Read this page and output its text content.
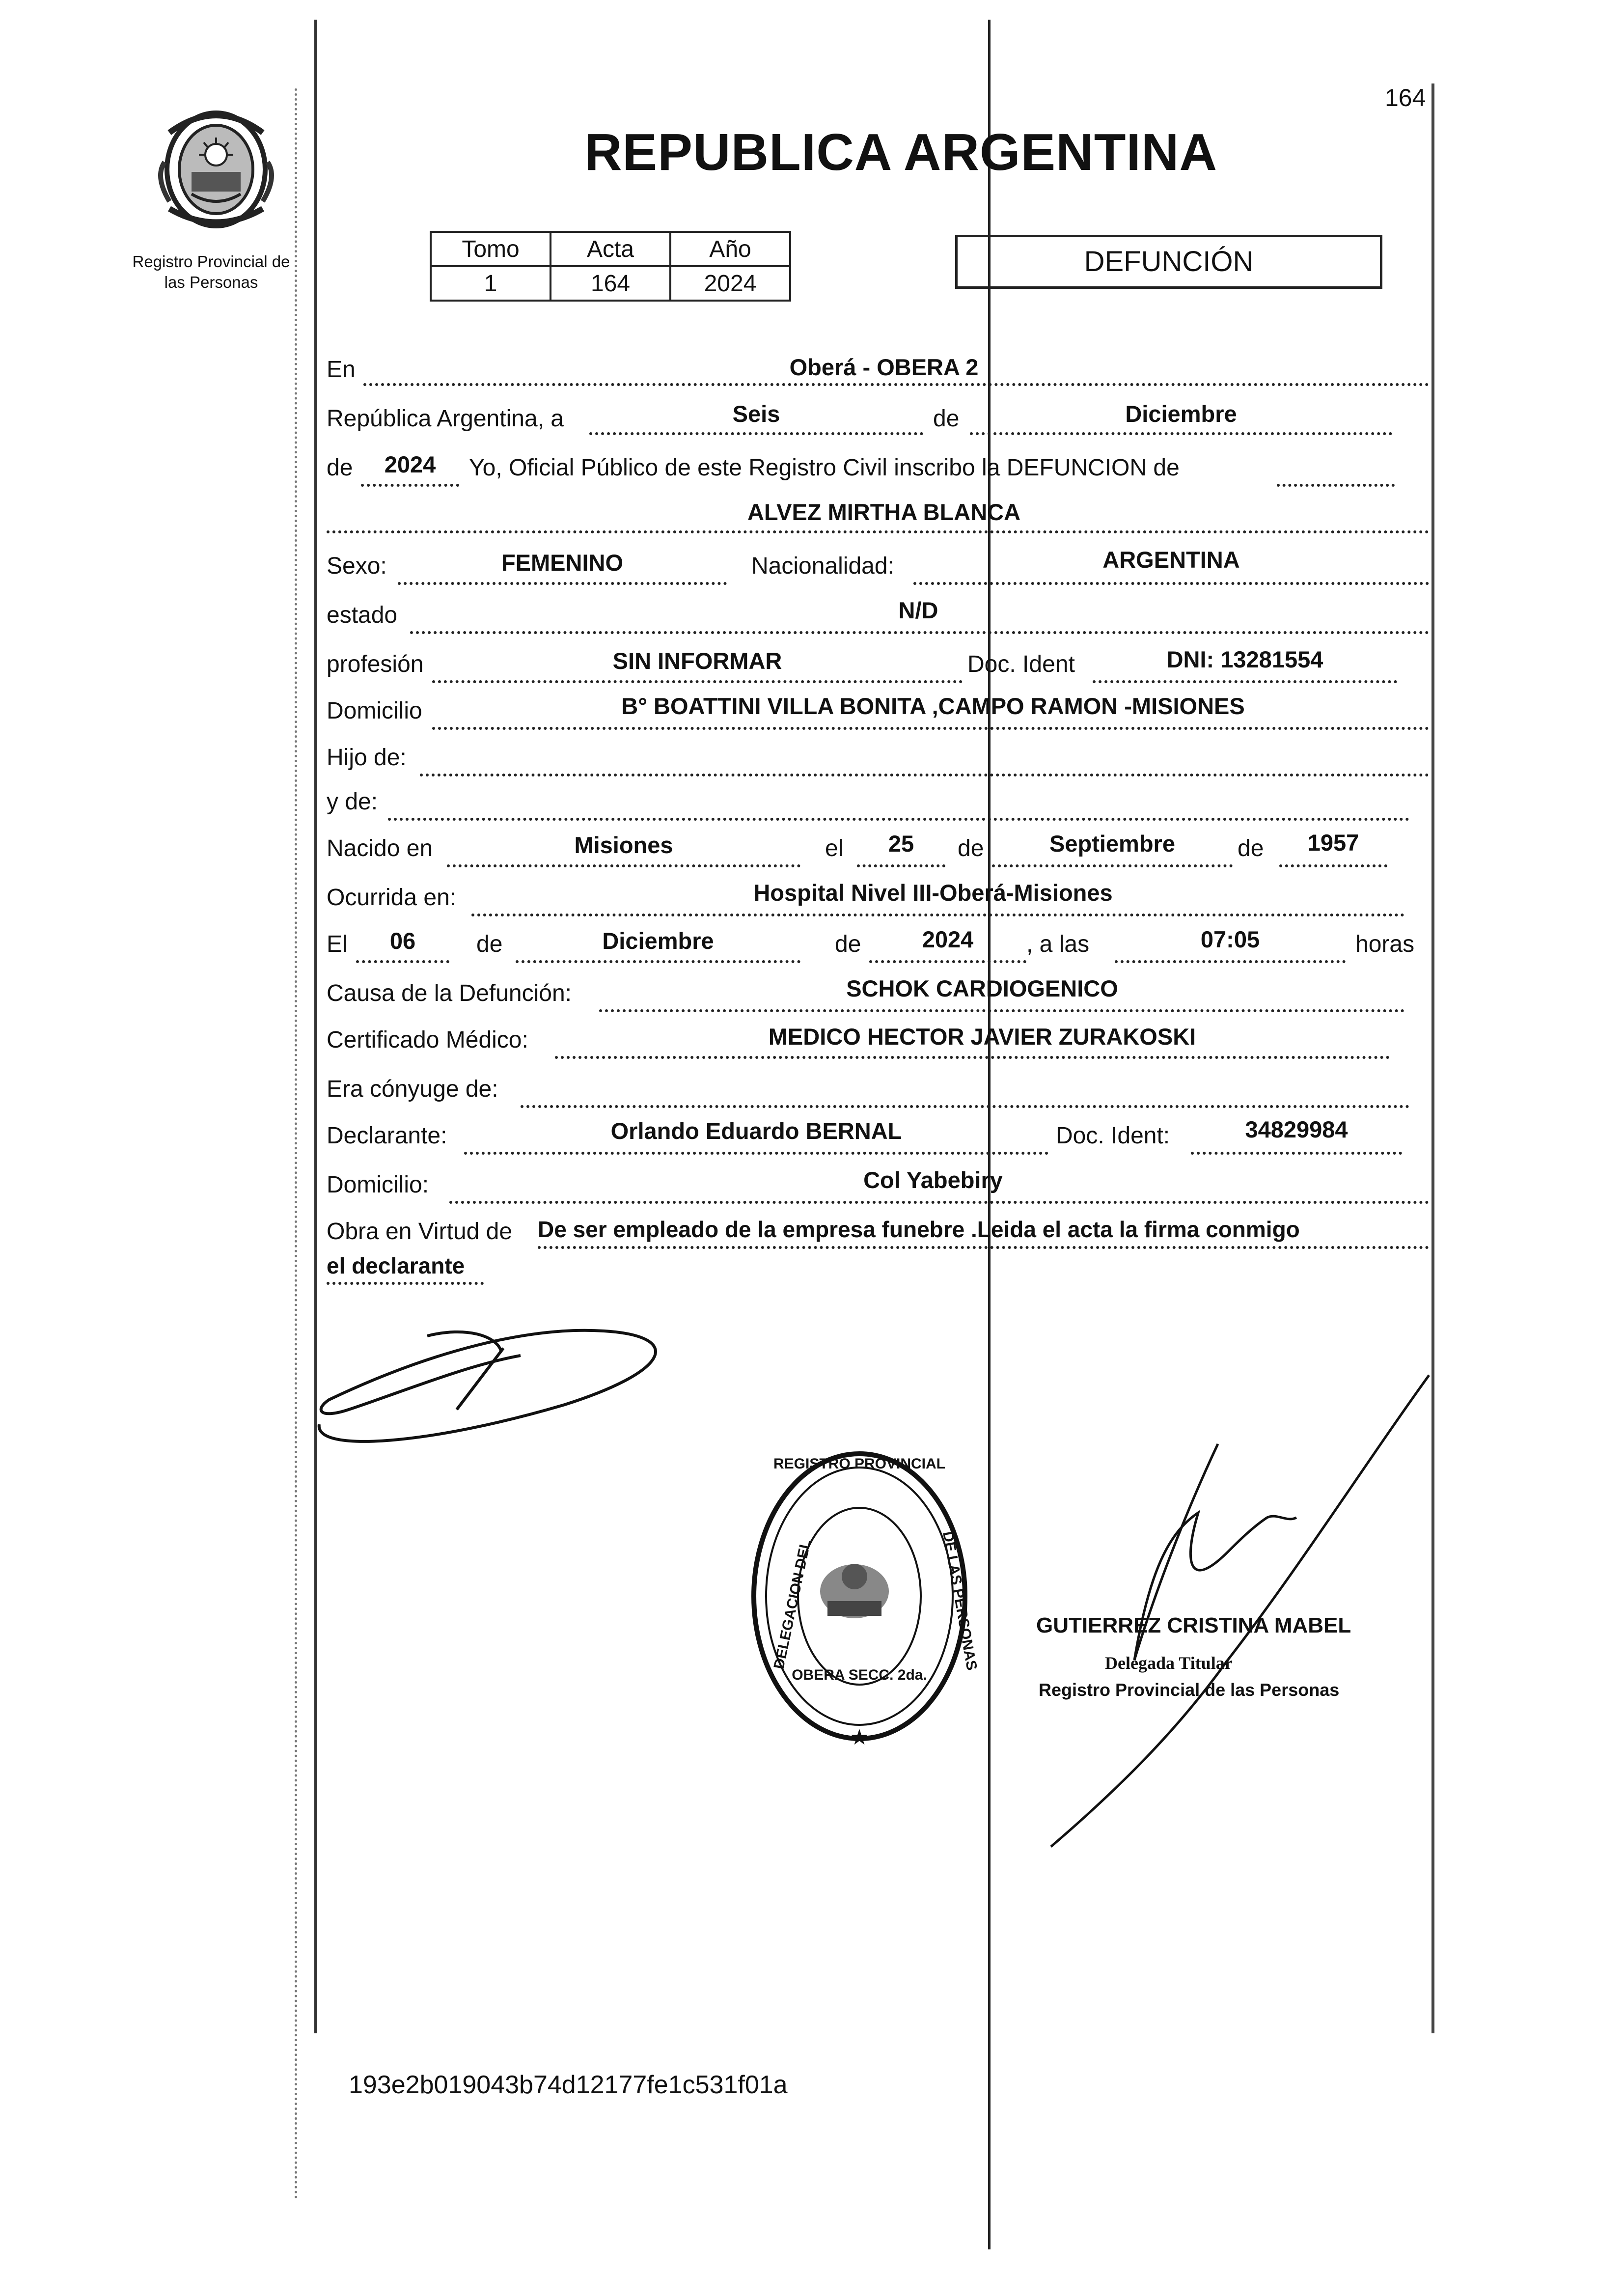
164
Registro Provincial de
las Personas
REPUBLICA ARGENTINA
Tomo	Acta	Año
1	164	2024
DEFUNCIÓN
En	Oberá - OBERA 2
República Argentina, a	Seis	de	Diciembre
de	2024	Yo, Oficial Público de este Registro Civil inscribo la DEFUNCION de
ALVEZ MIRTHA BLANCA
Sexo:	FEMENINO	Nacionalidad:	ARGENTINA
estado	N/D
profesión	SIN INFORMAR	Doc. Ident	DNI: 13281554
Domicilio	B° BOATTINI VILLA BONITA ,CAMPO RAMON -MISIONES
Hijo de:
y de:
Nacido en	Misiones	el	25	de	Septiembre	de	1957
Ocurrida en:	Hospital Nivel III-Oberá-Misiones
El	06	de	Diciembre	de	2024	, a las	07:05	horas
Causa de la Defunción:	SCHOK CARDIOGENICO
Certificado Médico:	MEDICO HECTOR JAVIER ZURAKOSKI
Era cónyuge de:
Declarante:	Orlando Eduardo BERNAL	Doc. Ident:	34829984
Domicilio:	Col Yabebiry
Obra en Virtud de De ser empleado de la empresa funebre .Leida el acta la firma conmigo
el declarante
REGISTRO PROVINCIAL
DELEGACION DEL	DE LAS PERSONAS
OBERA SECC. 2da.
★
GUTIERREZ CRISTINA MABEL
Delegada Titular
Registro Provincial de las Personas
193e2b019043b74d12177fe1c531f01a
